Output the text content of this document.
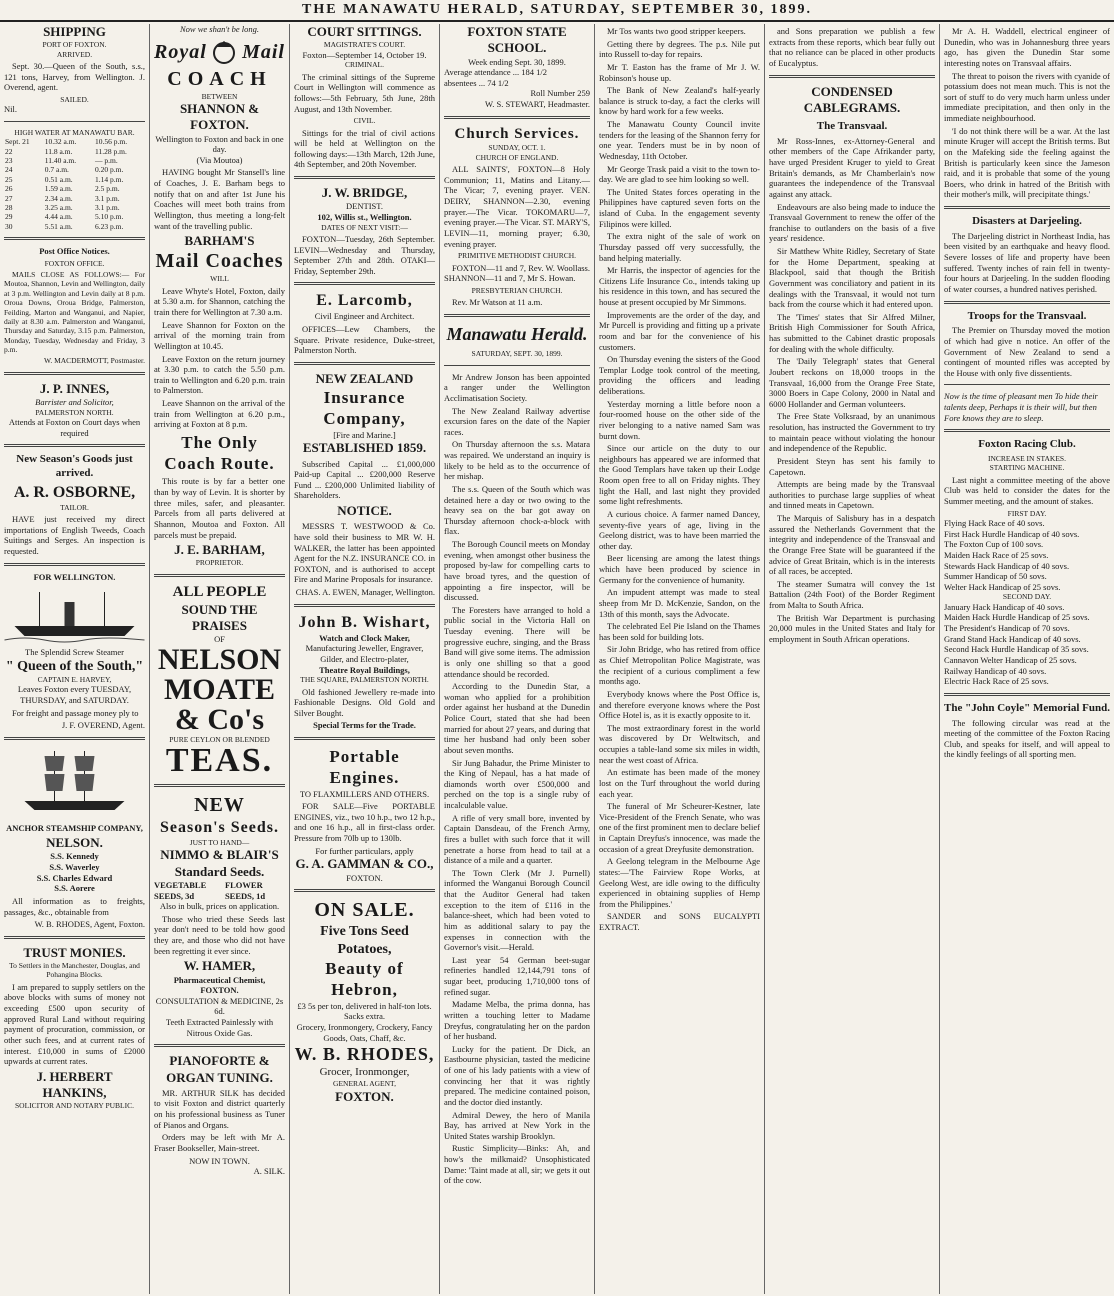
THE MANAWATU HERALD, SATURDAY, SEPTEMBER 30, 1899.
SHIPPING
PORT OF FOXTON.
ARRIVED.
Sept. 30.—Queen of the South, s.s., 121 tons, Harvey, from Wellington. J. Overend, agent.
SAILED.
Nil.
HIGH WATER AT MANAWATU BAR.
Sept. 21	10.32 a.m.	10.56 p.m.
22	11.8 a.m.	11.28 p.m.
23	11.40 a.m.	— p.m.
24	0.7 a.m.	0.20 p.m.
25	0.51 a.m.	1.14 p.m.
26	1.59 a.m.	2.5 p.m.
27	2.34 a.m.	3.1 p.m.
28	3.25 a.m.	3.1 p.m.
29	4.44 a.m.	5.10 p.m.
30	5.51 a.m.	6.23 p.m.
Post Office Notices.
FOXTON OFFICE.
MAILS CLOSE AS FOLLOWS:— For Moutoa, Shannon, Levin and Wellington, daily at 3 p.m. Wellington and Levin daily at 8 p.m. Oroua Downs, Oroua Bridge, Palmerston, Feilding, Marton and Wanganui, and Napier, daily at 8.30 a.m. Palmerston and Wanganui, Thursday and Saturday, 3.15 p.m. Palmerston, Monday, Tuesday, Wednesday and Friday, 3 p.m.
W. MACDERMOTT, Postmaster.
J. P. INNES,
Barrister and Solicitor,
PALMERSTON NORTH.
Attends at Foxton on Court days when required
New Season's Goods just arrived.
A. R. OSBORNE,
TAILOR.
HAVE just received my direct importations of English Tweeds, Coach Suitings and Serges. An inspection is requested.
FOR WELLINGTON.
The Splendid Screw Steamer
" Queen of the South,"
CAPTAIN E. HARVEY,
Leaves Foxton every TUESDAY, THURSDAY, and SATURDAY.
For freight and passage money ply to
J. F. OVEREND, Agent.
ANCHOR STEAMSHIP COMPANY,
NELSON.
S.S. Kennedy
S.S. Waverley
S.S. Charles Edward
S.S. Aorere
All information as to freights, passages, &c., obtainable from
W. B. RHODES, Agent, Foxton.
TRUST MONIES.
To Settlers in the Manchester, Douglas, and Pohangina Blocks.
I am prepared to supply settlers on the above blocks with sums of money not exceeding £500 upon security of approved Rural Land without requiring payment of procuration, commission, or other such fees, and at current rates of interest. £10,000 in sums of £2000 upwards at current rates.
J. HERBERT HANKINS,
SOLICITOR AND NOTARY PUBLIC.
Now we shan't be long.
Royal Mail
COACH
BETWEEN
SHANNON & FOXTON.
Wellington to Foxton and back in one day.
(Via Moutoa)
HAVING bought Mr Stansell's line of Coaches, J. E. Barham begs to notify that on and after 1st June his Coaches will meet both trains from Wellington, thus meeting a long-felt want of the travelling public.
BARHAM'S
Mail Coaches
WILL
Leave Whyte's Hotel, Foxton, daily at 5.30 a.m. for Shannon, catching the train there for Wellington at 7.30 a.m.
Leave Shannon for Foxton on the arrival of the morning train from Wellington at 10.45.
Leave Foxton on the return journey at 3.30 p.m. to catch the 5.50 p.m. train to Wellington and 6.20 p.m. train to Palmerston.
Leave Shannon on the arrival of the train from Wellington at 6.20 p.m., arriving at Foxton at 8 p.m.
The Only Coach Route.
This route is by far a better one than by way of Levin. It is shorter by three miles, safer, and pleasanter. Parcels from all parts delivered at Shannon, Moutoa and Foxton. All parcels must be prepaid.
J. E. BARHAM,
PROPRIETOR.
ALL PEOPLE
SOUND THE PRAISES
OF
NELSON MOATE & Co's
PURE CEYLON OR BLENDED
TEAS.
NEW
Season's Seeds.
JUST TO HAND—
NIMMO & BLAIR'S
Standard Seeds.
VEGETABLE SEEDS, 3d
FLOWER SEEDS, 1d
Also in bulk, prices on application.
Those who tried these Seeds last year don't need to be told how good they are, and those who did not have been regretting it ever since.
W. HAMER,
Pharmaceutical Chemist, FOXTON.
CONSULTATION & MEDICINE, 2s 6d.
Teeth Extracted Painlessly with Nitrous Oxide Gas.
PIANOFORTE & ORGAN TUNING.
MR. ARTHUR SILK has decided to visit Foxton and district quarterly on his professional business as Tuner of Pianos and Organs.
Orders may be left with Mr A. Fraser Bookseller, Main-street.
NOW IN TOWN.
A. SILK.
COURT SITTINGS.
MAGISTRATE'S COURT.
Foxton—September 14, October 19.
CRIMINAL.
The criminal sittings of the Supreme Court in Wellington will commence as follows:—5th February, 5th June, 28th August, and 13th November.
CIVIL.
Sittings for the trial of civil actions will be held at Wellington on the following days:—13th March, 12th June, 4th September, and 20th November.
J. W. BRIDGE,
DENTIST.
102, Willis st., Wellington.
DATES OF NEXT VISIT:—
FOXTON—Tuesday, 26th September. LEVIN—Wednesday and Thursday, September 27th and 28th. OTAKI—Friday, September 29th.
E. Larcomb,
Civil Engineer and Architect.
OFFICES—Lew Chambers, the Square. Private residence, Duke-street, Palmerston North.
NEW ZEALAND
Insurance Company,
[Fire and Marine.]
ESTABLISHED 1859.
Subscribed Capital ... £1,000,000 Paid-up Capital ... £200,000 Reserve Fund ... £200,000 Unlimited liability of Shareholders.
NOTICE.
MESSRS T. WESTWOOD & Co. have sold their business to MR W. H. WALKER, the latter has been appointed Agent for the N.Z. INSURANCE CO. in FOXTON, and is authorised to accept Fire and Marine Proposals for insurance.
CHAS. A. EWEN, Manager, Wellington.
John B. Wishart,
Watch and Clock Maker,
Manufacturing Jeweller, Engraver, Gilder, and Electro-plater,
Theatre Royal Buildings,
THE SQUARE, PALMERSTON NORTH.
Old fashioned Jewellery re-made into Fashionable Designs. Old Gold and Silver Bought.
Special Terms for the Trade.
Portable Engines.
TO FLAXMILLERS AND OTHERS.
FOR SALE—Five PORTABLE ENGINES, viz., two 10 h.p., two 12 h.p., and one 16 h.p., all in first-class order. Pressure from 70lb up to 130lb.
For further particulars, apply
G. A. GAMMAN & CO.,
FOXTON.
ON SALE.
Five Tons Seed Potatoes,
Beauty of Hebron,
£3 5s per ton, delivered in half-ton lots. Sacks extra.
Grocery, Ironmongery, Crockery, Fancy Goods, Oats, Chaff, &c.
W. B. RHODES,
Grocer, Ironmonger,
GENERAL AGENT,
FOXTON.
FOXTON STATE SCHOOL.
Week ending Sept. 30, 1899.
Average attendance ... 184 1/2
absentees ... 74 1/2
Roll Number 259
W. S. STEWART, Headmaster.
Church Services.
SUNDAY, OCT. 1.
CHURCH OF ENGLAND.
ALL SAINTS', FOXTON—8 Holy Communion; 11, Matins and Litany.— The Vicar; 7, evening prayer. VEN. DEIRY, SHANNON—2.30, evening prayer.—The Vicar. TOKOMARU—7, evening prayer.—The Vicar. ST. MARY'S, LEVIN—11, morning prayer; 6.30, evening prayer.
PRIMITIVE METHODIST CHURCH.
FOXTON—11 and 7, Rev. W. Woollass. SHANNON—11 and 7, Mr S. Howan.
PRESBYTERIAN CHURCH.
Rev. Mr Watson at 11 a.m.
Manawatu Herald.
SATURDAY, SEPT. 30, 1899.
Mr Andrew Jonson has been appointed a ranger under the Wellington Acclimatisation Society.
The New Zealand Railway advertise excursion fares on the date of the Napier races.
On Thursday afternoon the s.s. Matara was repaired. We understand an inquiry is likely to be held as to the occurrence of her mishap.
The s.s. Queen of the South which was detained here a day or two owing to the heavy sea on the bar got away on Thursday afternoon chock-a-block with flax.
The Borough Council meets on Monday evening, when amongst other business the proposed by-law for compelling carts to have broad tyres, and the question of appointing a fire inspector, will be discussed.
The Foresters have arranged to hold a public social in the Victoria Hall on Tuesday evening. There will be progressive euchre, singing, and the Brass Band will give some items. The admission is only one shilling so that a good attendance should be recorded.
According to the Dunedin Star, a woman who applied for a prohibition order against her husband at the Dunedin Police Court, stated that she had been married for about 27 years, and during that time her husband had only been sober about seven months.
Sir Jung Bahadur, the Prime Minister to the King of Nepaul, has a hat made of diamonds worth over £500,000 and perched on the top is a single ruby of incalculable value.
A rifle of very small bore, invented by Captain Dansdeau, of the French Army, fires a bullet with such force that it will penetrate a horse from head to tail at a distance of a mile and a quarter.
The Town Clerk (Mr J. Purnell) informed the Wanganui Borough Council that the Auditor General had taken exception to the item of £116 in the balance-sheet, which had been voted to him as additional salary to pay the expenses in connection with the Governor's visit.—Herald.
Last year 54 German beet-sugar refineries handled 12,144,791 tons of sugar beet, producing 1,710,000 tons of refined sugar.
Madame Melba, the prima donna, has written a touching letter to Madame Dreyfus, congratulating her on the pardon of her husband.
Lucky for the patient. Dr Dick, an Eastbourne physician, tasted the medicine of one of his lady patients with a view of convincing her that it was rightly prepared. The medicine contained poison, and the doctor died instantly.
Admiral Dewey, the hero of Manila Bay, has arrived at New York in the United States warship Brooklyn.
Rustic Simplicity—Binks: Ah, and how's the milkmaid? Unsophisticated Dame: 'Taint made at all, sir; we gets it out of the cow.
Mr Tos wants two good stripper keepers.
Getting there by degrees. The p.s. Nile put into Russell to-day for repairs.
Mr T. Easton has the frame of Mr J. W. Robinson's house up.
The Bank of New Zealand's half-yearly balance is struck to-day, a fact the clerks will know by hard work for a few weeks.
The Manawatu County Council invite tenders for the leasing of the Shannon ferry for one year. Tenders must be in by noon of Wednesday, 11th October.
Mr George Trask paid a visit to the town to-day. We are glad to see him looking so well.
The United States forces operating in the Philippines have captured seven forts on the island of Cuba. In the engagement seventy Filipinos were killed.
The extra night of the sale of work on Thursday passed off very successfully, the band helping materially.
Mr Harris, the inspector of agencies for the Citizens Life Insurance Co., intends taking up his residence in this town, and has secured the house at present occupied by Mr Simmons.
Improvements are the order of the day, and Mr Purcell is providing and fitting up a private room and bar for the convenience of his customers.
On Thursday evening the sisters of the Good Templar Lodge took control of the meeting, providing the officers and leading deliberations.
Yesterday morning a little before noon a four-roomed house on the other side of the river belonging to a native named Sam was burnt down.
Since our article on the duty to our neighbours has appeared we are informed that the Good Templars have taken up their Lodge Room open free to all on Friday nights. They light the Hall, and last night they provided some light refreshments.
A curious choice. A farmer named Dancey, seventy-five years of age, living in the Geelong district, was to have been married the other day.
Beer licensing are among the latest things which have been produced by science in Germany for the convenience of humanity.
An impudent attempt was made to steal sheep from Mr D. McKenzie, Sandon, on the 13th of this month, says the Advocate.
The celebrated Eel Pie Island on the Thames has been sold for building lots.
Sir John Bridge, who has retired from office as Chief Metropolitan Police Magistrate, was the recipient of a curious compliment a few months ago.
Everybody knows where the Post Office is, and therefore everyone knows where the Post Office Hotel is, as it is exactly opposite to it.
The most extraordinary forest in the world was discovered by Dr Weltwitsch, and occupies a table-land some six miles in width, near the west coast of Africa.
An estimate has been made of the money lost on the Turf throughout the world during each year.
The funeral of Mr Scheurer-Kestner, late Vice-President of the French Senate, who was one of the first prominent men to declare belief in Captain Dreyfus's innocence, was made the occasion of a great Dreyfusite demonstration.
A Geelong telegram in the Melbourne Age states:—'The Fairview Rope Works, at Geelong West, are idle owing to the difficulty experienced in obtaining supplies of Hemp from the Philippines.'
SANDER and SONS EUCALYPTI EXTRACT.
and Sons preparation we publish a few extracts from these reports, which bear fully out that no reliance can be placed in other products of Eucalyptus.
CONDENSED CABLEGRAMS.
The Transvaal.
Mr Ross-Innes, ex-Attorney-General and other members of the Cape Afrikander party, have urged President Kruger to yield to Great Britain's demands, as Mr Chamberlain's now guarantees the independence of the Transvaal against any attack.
Endeavours are also being made to induce the Transvaal Government to renew the offer of the franchise to outlanders on the basis of a five years' residence.
Sir Matthew White Ridley, Secretary of State for the Home Department, speaking at Blackpool, said that though the British Government was conciliatory and patient in its dealings with the Transvaal, it would not turn back from the course which it had entered upon.
The 'Times' states that Sir Alfred Milner, British High Commissioner for South Africa, has submitted to the Cabinet drastic proposals for dealing with the whole difficulty.
The 'Daily Telegraph' states that General Joubert reckons on 18,000 troops in the Transvaal, 16,000 from the Orange Free State, 3000 Boers in Cape Colony, 2000 in Natal and 6000 Hollander and German volunteers.
The Free State Volksraad, by an unanimous resolution, has instructed the Government to try to maintain peace without violating the honour and independence of the Republic.
President Steyn has sent his family to Capetown.
Attempts are being made by the Transvaal authorities to purchase large supplies of wheat and tinned meats in Capetown.
The Marquis of Salisbury has in a despatch assured the Netherlands Government that the integrity and independence of the Transvaal and the Orange Free State will be guaranteed if the advice of Great Britain, which is in the interests of all races, be accepted.
The steamer Sumatra will convey the 1st Battalion (24th Foot) of the Border Regiment from Malta to South Africa.
The British War Department is purchasing 20,000 mules in the United States and Italy for employment in South African operations.
Mr A. H. Waddell, electrical engineer of Dunedin, who was in Johannesburg three years ago, has given the Dunedin Star some interesting notes on Transvaal affairs.
The threat to poison the rivers with cyanide of potassium does not mean much. This is not the sort of stuff to do very much harm unless under immediate precipitation, and then only in the immediate neighbourhood.
'I do not think there will be a war. At the last minute Kruger will accept the British terms. But on the Mafeking side the feeling against the British is particularly keen since the Jameson raid, and it is probable that some of the young Boers, who drink in hatred of the British with their mother's milk, will precipitate things.'
Disasters at Darjeeling.
The Darjeeling district in Northeast India, has been visited by an earthquake and heavy flood. Severe losses of life and property have been suffered. Twenty inches of rain fell in twenty-four hours at Darjeeling. In the sudden flooding of water courses, a hundred natives perished.
Troops for the Transvaal.
The Premier on Thursday moved the motion of which had give n notice. An offer of the Government of New Zealand to send a contingent of mounted rifles was accepted by the House with only five dissentients.
Now is the time of pleasant men To hide their talents deep, Perhaps it is their will, but then Fore knows they are to sleep.
Foxton Racing Club.
INCREASE IN STAKES.
STARTING MACHINE.
Last night a committee meeting of the above Club was held to consider the dates for the Summer meeting, and the amount of stakes.
FIRST DAY.
Flying Hack Race of 40 sovs.
First Hack Hurdle Handicap of 40 sovs.
The Foxton Cup of 100 sovs.
Maiden Hack Race of 25 sovs.
Stewards Hack Handicap of 40 sovs.
Summer Handicap of 50 sovs.
Welter Hack Handicap of 25 sovs.
SECOND DAY.
January Hack Handicap of 40 sovs.
Maiden Hack Hurdle Handicap of 25 sovs.
The President's Handicap of 70 sovs.
Grand Stand Hack Handicap of 40 sovs.
Second Hack Hurdle Handicap of 35 sovs.
Cannavon Welter Handicap of 25 sovs.
Railway Handicap of 40 sovs.
Electric Hack Race of 25 sovs.
The "John Coyle" Memorial Fund.
The following circular was read at the meeting of the committee of the Foxton Racing Club, and speaks for itself, and will appeal to the kindly feelings of all sporting men.
